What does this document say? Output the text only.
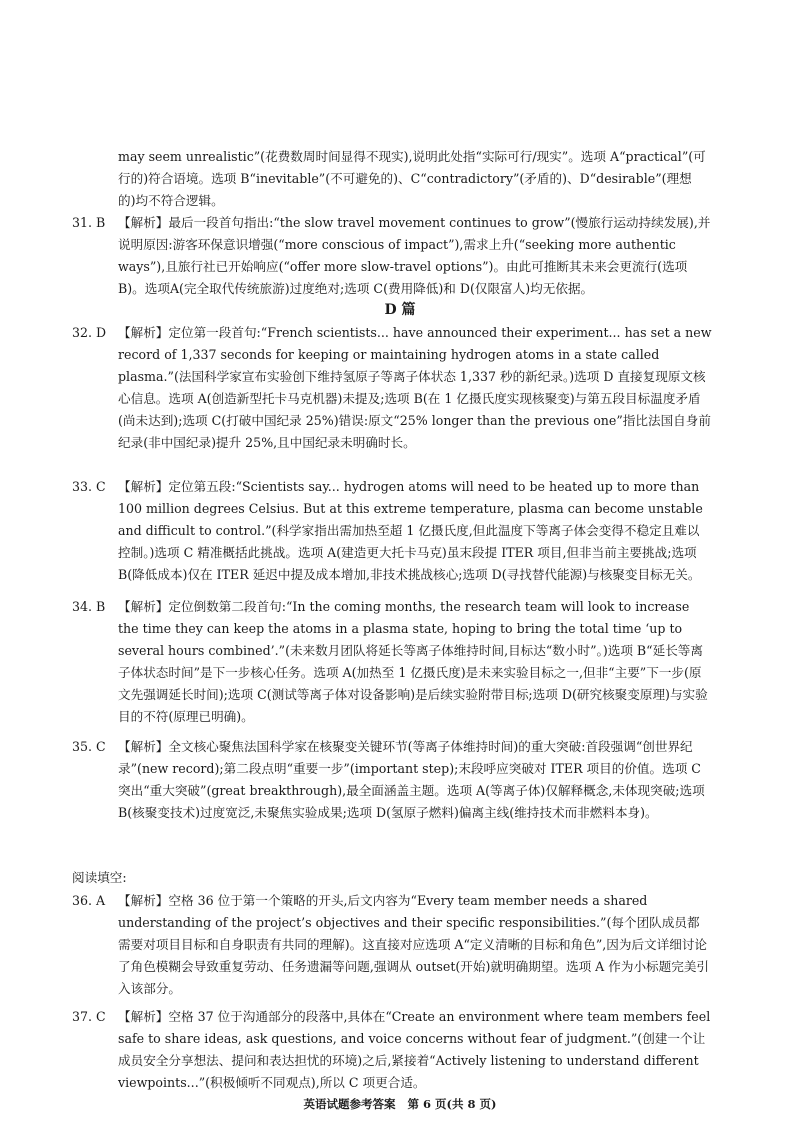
may seem unrealistic”(花费数周时间显得不现实),说明此处指“实际可行/现实”。选项 A“practical”(可行的)符合语境。选项 B“inevitable”(不可避免的)、C“contradictory”(矛盾的)、D“desirable”(理想的)均不符合逻辑。
31. B	【解析】最后一段首句指出:“the slow travel movement continues to grow”(慢旅行运动持续发展),并说明原因:游客环保意识增强(“more conscious of impact”),需求上升(“seeking more authentic ways”),且旅行社已开始响应(“offer more slow-travel options”)。由此可推断其未来会更流行(选项 B)。选项A(完全取代传统旅游)过度绝对;选项 C(费用降低)和 D(仅限富人)均无依据。
D 篇
32. D 【解析】定位第一段首句:“French scientists... have announced their experiment... has set a new record of 1,337 seconds for keeping or maintaining hydrogen atoms in a state called plasma.”(法国科学家宣布实验创下维持氢原子等离子体状态 1,337 秒的新纪录。)选项 D 直接复现原文核心信息。选项 A(创造新型托卡马克机器)未提及;选项 B(在 1 亿摄氏度实现核聚变)与第五段目标温度矛盾(尚未达到);选项 C(打破中国纪录 25%)错误:原文“25% longer than the previous one”指比法国自身前纪录(非中国纪录)提升 25%,且中国纪录未明确时长。
33. C 【解析】定位第五段:“Scientists say... hydrogen atoms will need to be heated up to more than 100 million degrees Celsius. But at this extreme temperature, plasma can become unstable and difficult to control.”(科学家指出需加热至超 1 亿摄氏度,但此温度下等离子体会变得不稳定且难以控制。)选项 C 精准概括此挑战。选项 A(建造更大托卡马克)虽末段提 ITER 项目,但非当前主要挑战;选项 B(降低成本)仅在 ITER 延迟中提及成本增加,非技术挑战核心;选项 D(寻找替代能源)与核聚变目标无关。
34. B	【解析】定位倒数第二段首句:“In the coming months, the research team will look to increase the time they can keep the atoms in a plasma state, hoping to bring the total time ‘up to several hours combined’.”(未来数月团队将延长等离子体维持时间,目标达“数小时”。)选项 B“延长等离子体状态时间”是下一步核心任务。选项 A(加热至 1 亿摄氏度)是未来实验目标之一,但非“主要”下一步(原文先强调延长时间);选项 C(测试等离子体对设备影响)是后续实验附带目标;选项 D(研究核聚变原理)与实验目的不符(原理已明确)。
35. C 【解析】全文核心聚焦法国科学家在核聚变关键环节(等离子体维持时间)的重大突破:首段强调“创世界纪录”(new record);第二段点明“重要一步”(important step);末段呼应突破对 ITER 项目的价值。选项 C 突出“重大突破”(great breakthrough),最全面涵盖主题。选项 A(等离子体)仅解释概念,未体现突破;选项 B(核聚变技术)过度宽泛,未聚焦实验成果;选项 D(氢原子燃料)偏离主线(维持技术而非燃料本身)。
阅读填空:
36. A	【解析】空格 36 位于第一个策略的开头,后文内容为“Every team member needs a shared understanding of the project’s objectives and their specific responsibilities.”(每个团队成员都需要对项目目标和自身职责有共同的理解)。这直接对应选项 A“定义清晰的目标和角色”,因为后文详细讨论了角色模糊会导致重复劳动、任务遗漏等问题,强调从 outset(开始)就明确期望。选项 A 作为小标题完美引入该部分。
37. C 【解析】空格 37 位于沟通部分的段落中,具体在“Create an environment where team members feel safe to share ideas, ask questions, and voice concerns without fear of judgment.”(创建一个让成员安全分享想法、提问和表达担忧的环境)之后,紧接着“Actively listening to understand different viewpoints...”(积极倾听不同观点),所以 C 项更合适。
英语试题参考答案 第 6 页(共 8 页)
